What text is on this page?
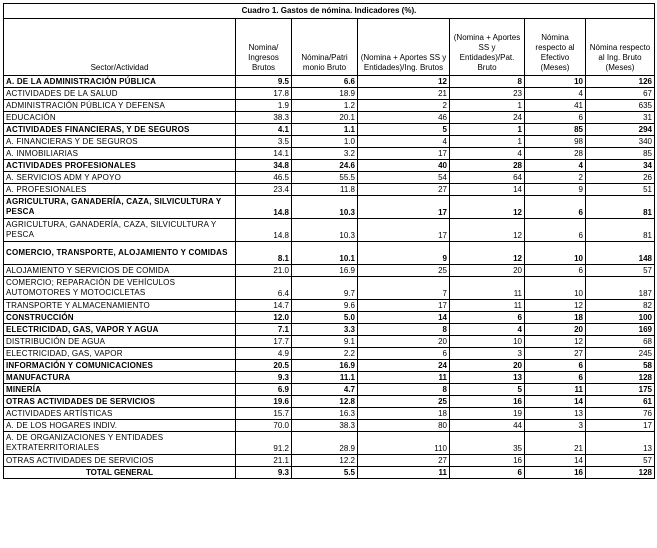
Cuadro 1. Gastos de nómina. Indicadores (%).						
Sector/Actividad	Nomina/ Ingresos Brutos	Nómina/Patri monio Bruto	(Nomina + Aportes SS y Entidades)/Ing. Brutos	(Nomina + Aportes SS y Entidades)/Pat. Bruto	Nómina respecto al Efectivo (Meses)	Nómina respecto al Ing. Bruto (Meses)
A. DE LA ADMINISTRACIÓN PÚBLICA	9.5	6.6	12	8	10	126
ACTIVIDADES DE LA SALUD	17.8	18.9	21	23	4	67
ADMINISTRACIÓN PÚBLICA Y DEFENSA	1.9	1.2	2	1	41	635
EDUCACIÓN	38.3	20.1	46	24	6	31
ACTIVIDADES FINANCIERAS, Y DE SEGUROS	4.1	1.1	5	1	85	294
A. FINANCIERAS Y DE SEGUROS	3.5	1.0	4	1	98	340
A. INMOBILIARIAS	14.1	3.2	17	4	28	85
ACTIVIDADES PROFESIONALES	34.8	24.6	40	28	4	34
A. SERVICIOS ADM Y APOYO	46.5	55.5	54	64	2	26
A. PROFESIONALES	23.4	11.8	27	14	9	51
AGRICULTURA, GANADERÍA, CAZA, SILVICULTURA Y PESCA	14.8	10.3	17	12	6	81
AGRICULTURA, GANADERÍA, CAZA, SILVICULTURA Y PESCA	14.8	10.3	17	12	6	81
COMERCIO, TRANSPORTE, ALOJAMIENTO Y COMIDAS	8.1	10.1	9	12	10	148
ALOJAMIENTO Y SERVICIOS DE COMIDA	21.0	16.9	25	20	6	57
COMERCIO; REPARACIÓN DE VEHÍCULOS AUTOMOTORES Y MOTOCICLETAS	6.4	9.7	7	11	10	187
TRANSPORTE Y ALMACENAMIENTO	14.7	9.6	17	11	12	82
CONSTRUCCIÓN	12.0	5.0	14	6	18	100
ELECTRICIDAD, GAS, VAPOR Y AGUA	7.1	3.3	8	4	20	169
DISTRIBUCIÓN DE AGUA	17.7	9.1	20	10	12	68
ELECTRICIDAD, GAS, VAPOR	4.9	2.2	6	3	27	245
INFORMACIÓN Y COMUNICACIONES	20.5	16.9	24	20	6	58
MANUFACTURA	9.3	11.1	11	13	6	128
MINERÍA	6.9	4.7	8	5	11	175
OTRAS ACTIVIDADES DE SERVICIOS	19.6	12.8	25	16	14	61
ACTIVIDADES ARTÍSTICAS	15.7	16.3	18	19	13	76
A. DE LOS HOGARES INDIV.	70.0	38.3	80	44	3	17
A. DE ORGANIZACIONES Y ENTIDADES EXTRATERRITORIALES	91.2	28.9	110	35	21	13
OTRAS ACTIVIDADES DE SERVICIOS	21.1	12.2	27	16	14	57
TOTAL GENERAL	9.3	5.5	11	6	16	128
